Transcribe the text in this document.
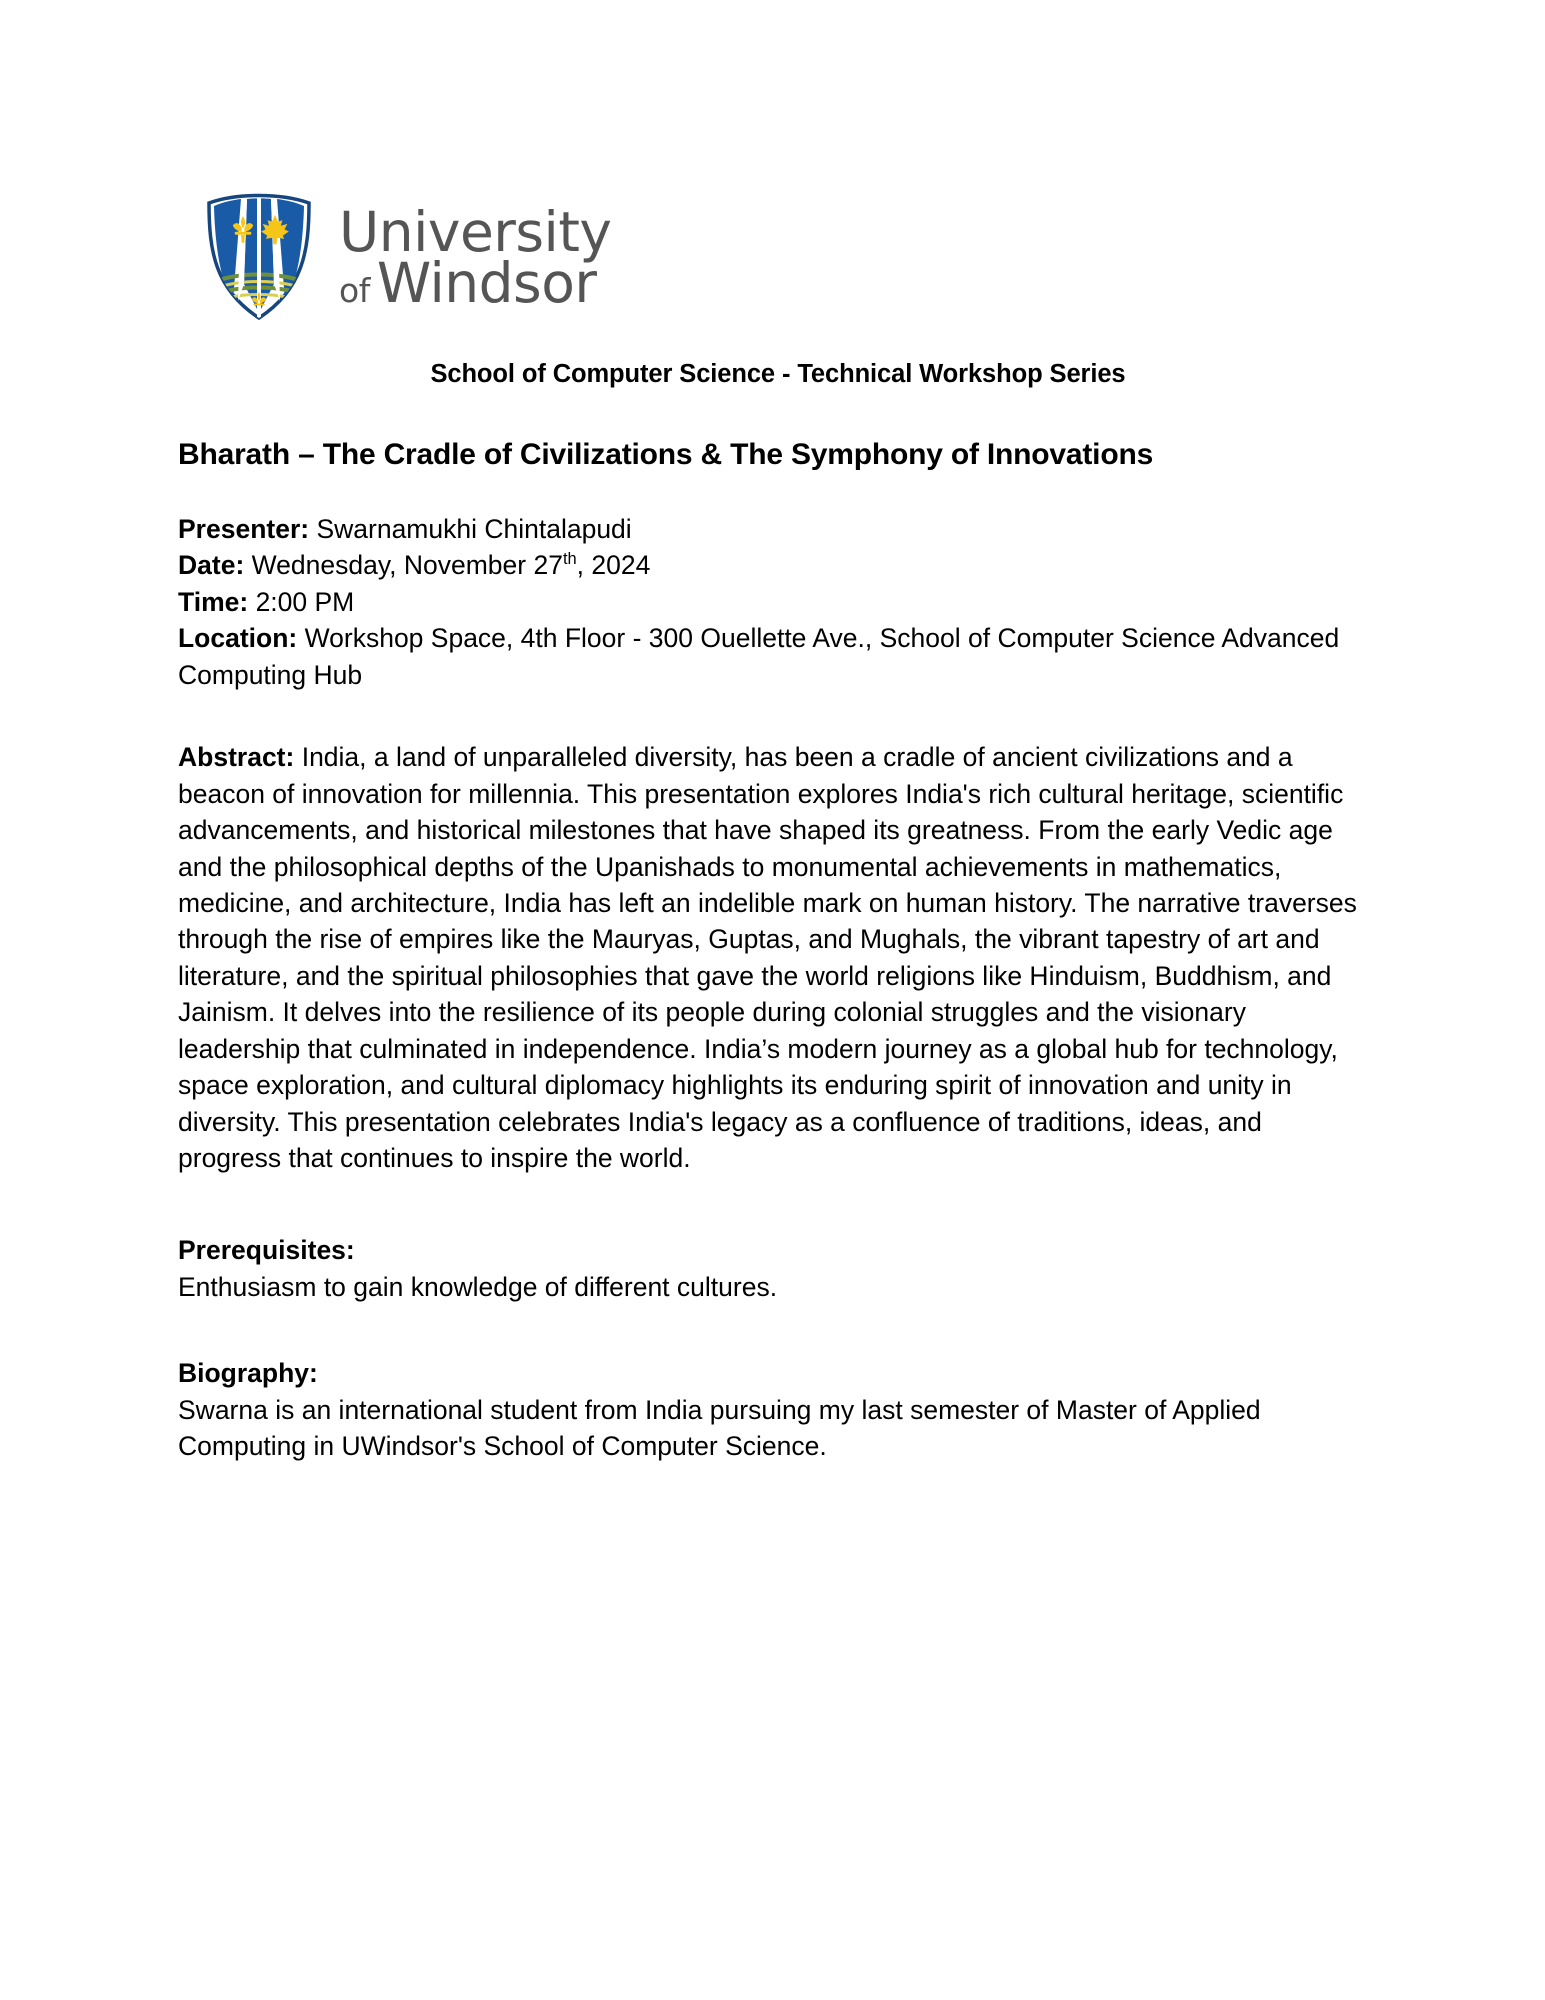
University
of Windsor
School of Computer Science - Technical Workshop Series
Bharath – The Cradle of Civilizations & The Symphony of Innovations
Presenter: Swarnamukhi Chintalapudi
Date: Wednesday, November 27th, 2024
Time: 2:00 PM
Location: Workshop Space, 4th Floor - 300 Ouellette Ave., School of Computer Science Advanced Computing Hub
Abstract: India, a land of unparalleled diversity, has been a cradle of ancient civilizations and a beacon of innovation for millennia. This presentation explores India's rich cultural heritage, scientific advancements, and historical milestones that have shaped its greatness. From the early Vedic age and the philosophical depths of the Upanishads to monumental achievements in mathematics, medicine, and architecture, India has left an indelible mark on human history. The narrative traverses through the rise of empires like the Mauryas, Guptas, and Mughals, the vibrant tapestry of art and literature, and the spiritual philosophies that gave the world religions like Hinduism, Buddhism, and Jainism. It delves into the resilience of its people during colonial struggles and the visionary leadership that culminated in independence. India’s modern journey as a global hub for technology, space exploration, and cultural diplomacy highlights its enduring spirit of innovation and unity in diversity. This presentation celebrates India's legacy as a confluence of traditions, ideas, and progress that continues to inspire the world.
Prerequisites:
Enthusiasm to gain knowledge of different cultures.
Biography:
Swarna is an international student from India pursuing my last semester of Master of Applied Computing in UWindsor's School of Computer Science.
